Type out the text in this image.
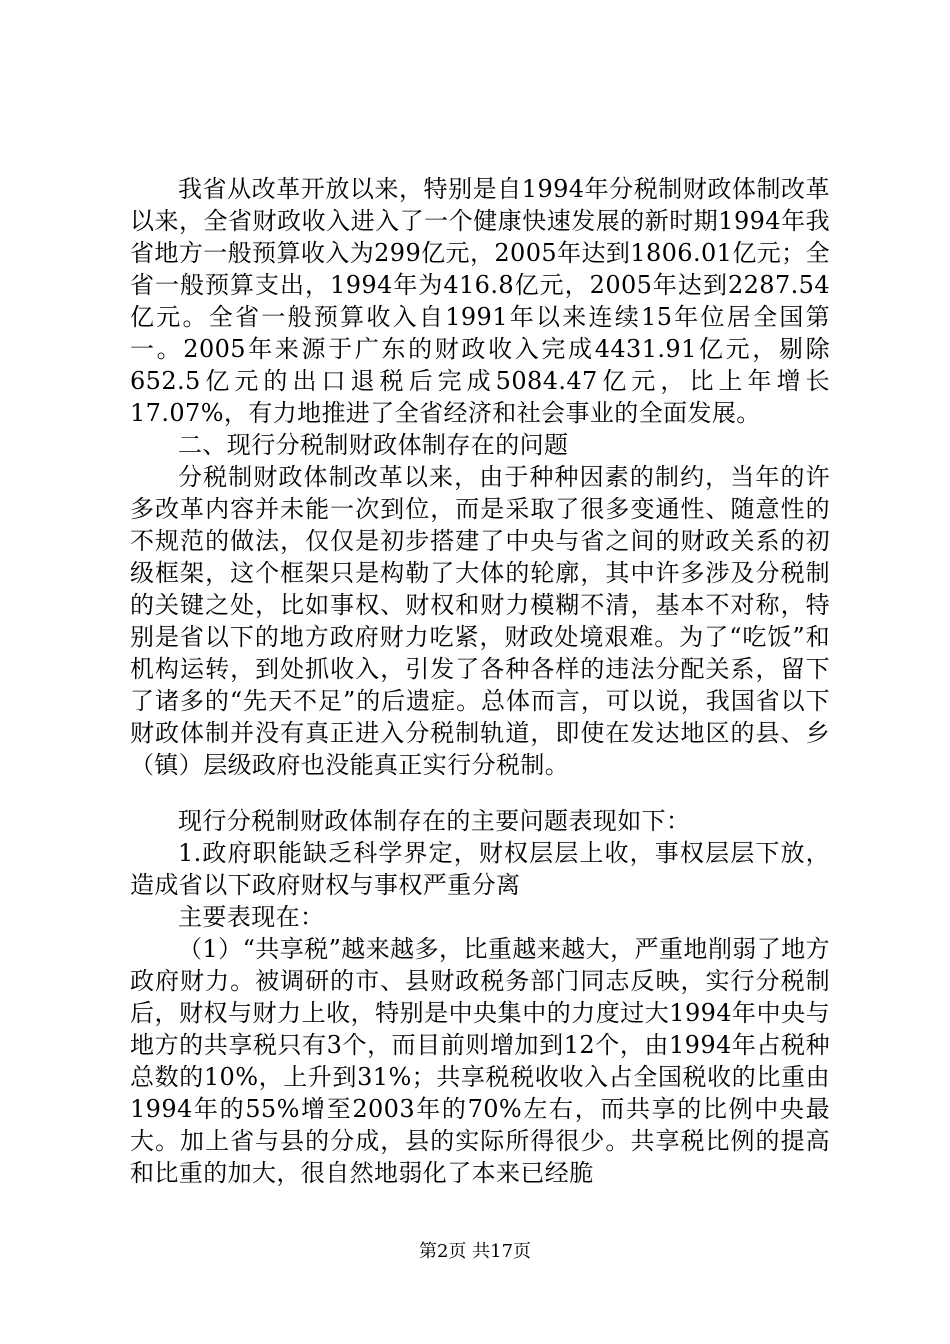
我省从改革开放以来，特别是自1994年分税制财政体制改革以来，全省财政收入进入了一个健康快速发展的新时期1994年我省地方一般预算收入为299亿元，2005年达到1806.01亿元；全省一般预算支出，1994年为416.8亿元，2005年达到2287.54亿元。全省一般预算收入自1991年以来连续15年位居全国第一。2005年来源于广东的财政收入完成4431.91亿元，剔除652.5亿元的出口退税后完成5084.47亿元，比上年增长17.07%，有力地推进了全省经济和社会事业的全面发展。

二、现行分税制财政体制存在的问题

分税制财政体制改革以来，由于种种因素的制约，当年的许多改革内容并未能一次到位，而是采取了很多变通性、随意性的不规范的做法，仅仅是初步搭建了中央与省之间的财政关系的初级框架，这个框架只是构勒了大体的轮廓，其中许多涉及分税制的关键之处，比如事权、财权和财力模糊不清，基本不对称，特别是省以下的地方政府财力吃紧，财政处境艰难。为了“吃饭”和机构运转，到处抓收入，引发了各种各样的违法分配关系，留下了诸多的“先天不足”的后遗症。总体而言，可以说，我国省以下财政体制并没有真正进入分税制轨道，即使在发达地区的县、乡（镇）层级政府也没能真正实行分税制。

现行分税制财政体制存在的主要问题表现如下：

1.政府职能缺乏科学界定，财权层层上收，事权层层下放，造成省以下政府财权与事权严重分离

主要表现在：

（1）“共享税”越来越多，比重越来越大，严重地削弱了地方政府财力。被调研的市、县财政税务部门同志反映，实行分税制后，财权与财力上收，特别是中央集中的力度过大1994年中央与地方的共享税只有3个，而目前则增加到12个，由1994年占税种总数的10%，上升到31%；共享税税收收入占全国税收的比重由1994年的55%增至2003年的70%左右，而共享的比例中央最大。加上省与县的分成，县的实际所得很少。共享税比例的提高和比重的加大，很自然地弱化了本来已经脆

第2页 共17页
